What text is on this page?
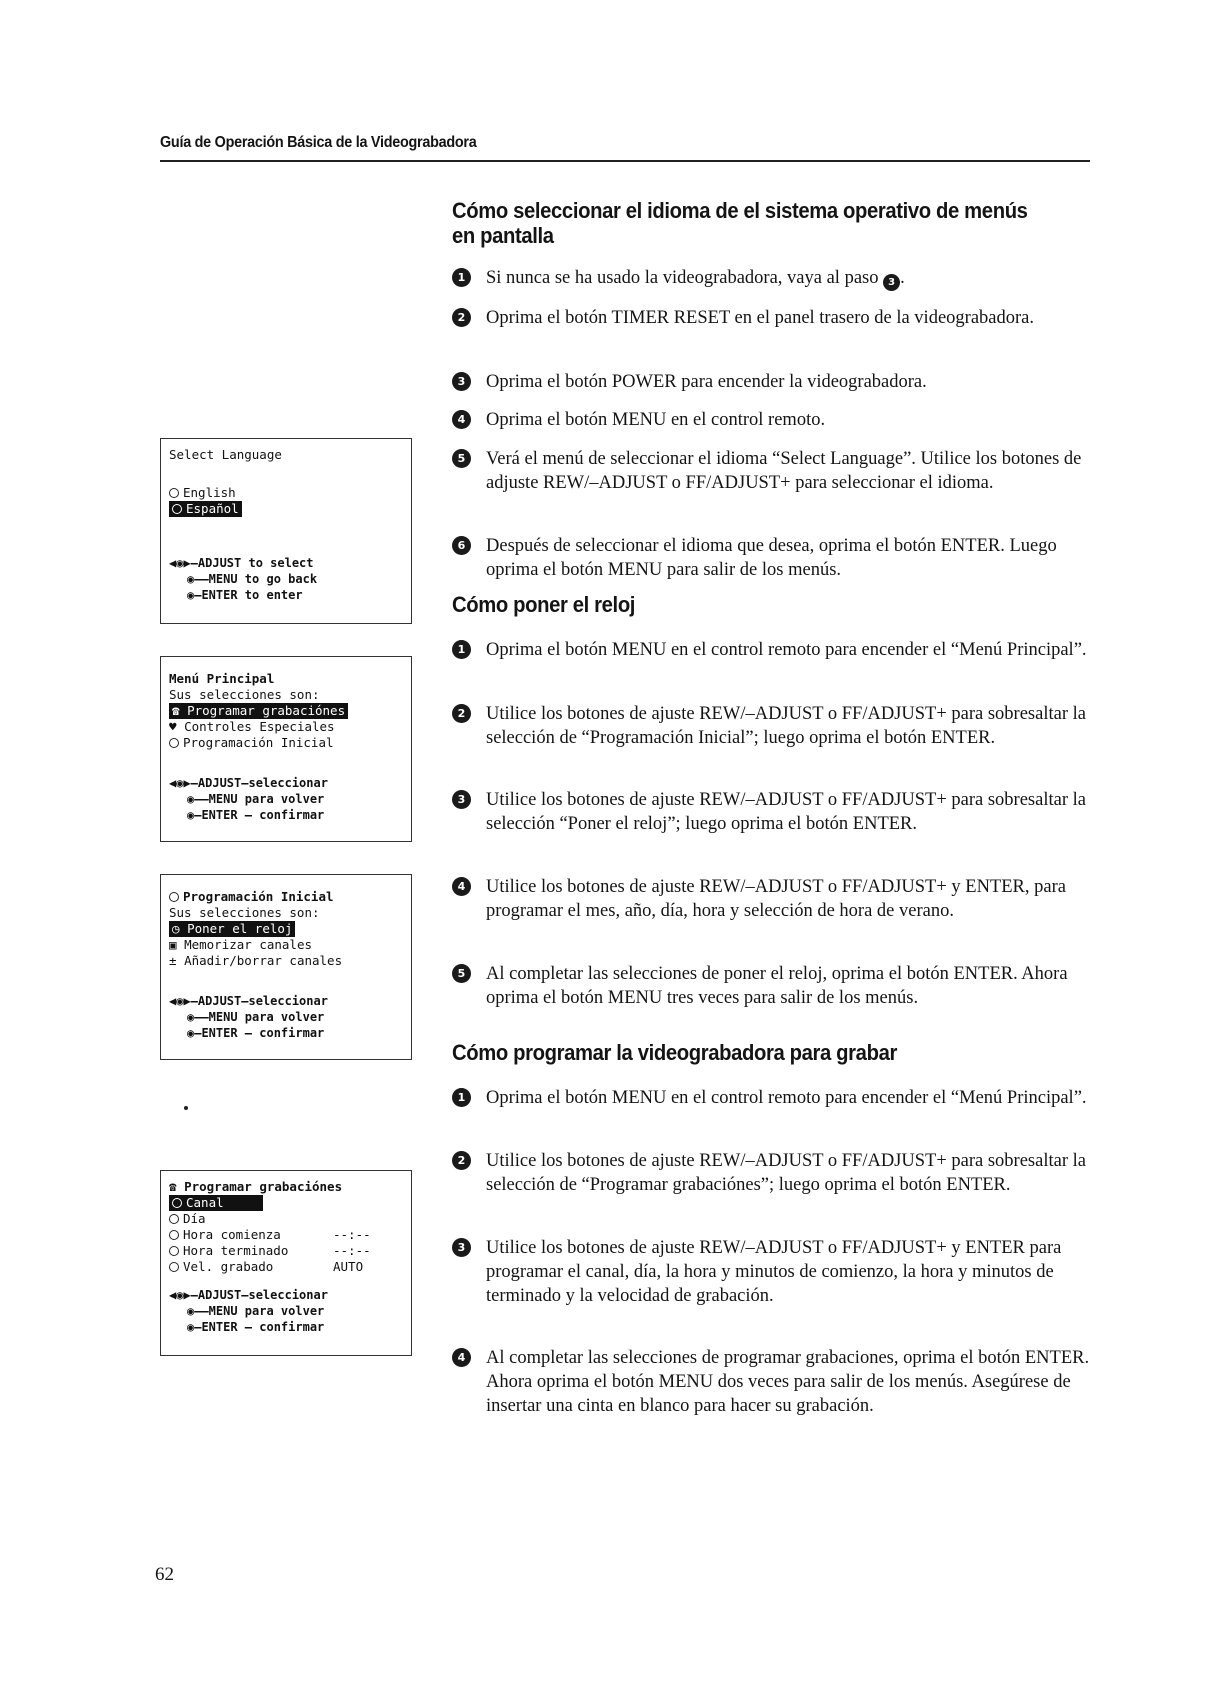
Guía de Operación Básica de la Videograbadora
Cómo seleccionar el idioma de el sistema operativo de menús en pantalla
1	Si nunca se ha usado la videograbadora, vaya al paso 3 .
2	Oprima el botón TIMER RESET en el panel trasero de la videograbadora.
3	Oprima el botón POWER para encender la videograbadora.
4	Oprima el botón MENU en el control remoto.
5	Verá el menú de seleccionar el idioma “Select Language”. Utilice los botones de adjuste REW/–ADJUST o FF/ADJUST+ para seleccionar el idioma.
6	Después de seleccionar el idioma que desea, oprima el botón ENTER. Luego oprima el botón MENU para salir de los menús.
Cómo poner el reloj
1	Oprima el botón MENU en el control remoto para encender el “Menú Principal”.
2	Utilice los botones de ajuste REW/–ADJUST o FF/ADJUST+ para sobresaltar la selección de “Programación Inicial”; luego oprima el botón ENTER.
3	Utilice los botones de ajuste REW/–ADJUST o FF/ADJUST+ para sobresaltar la selección “Poner el reloj”; luego oprima el botón ENTER.
4	Utilice los botones de ajuste REW/–ADJUST o FF/ADJUST+ y ENTER, para programar el mes, año, día, hora y selección de hora de verano.
5	Al completar las selecciones de poner el reloj, oprima el botón ENTER. Ahora oprima el botón MENU tres veces para salir de los menús.
Cómo programar la videograbadora para grabar
1	Oprima el botón MENU en el control remoto para encender el “Menú Principal”.
2	Utilice los botones de ajuste REW/–ADJUST o FF/ADJUST+ para sobresaltar la selección de “Programar grabaciónes”; luego oprima el botón ENTER.
3	Utilice los botones de ajuste REW/–ADJUST o FF/ADJUST+ y ENTER para programar el canal, día, la hora y minutos de comienzo, la hora y minutos de terminado y la velocidad de grabación.
4	Al completar las selecciones de programar grabaciones, oprima el botón ENTER. Ahora oprima el botón MENU dos veces para salir de los menús. Asegúrese de insertar una cinta en blanco para hacer su grabación.
Select Language
English
Español
◀◉▶–ADJUST to select
◉––MENU to go back
◉–ENTER to enter
Menú Principal
Sus selecciones son:
☎ Programar grabaciónes
♥ Controles Especiales
Programación Inicial
◀◉▶–ADJUST–seleccionar
◉––MENU para volver
◉–ENTER – confirmar
Programación Inicial
Sus selecciones son:
◷ Poner el reloj
▣ Memorizar canales
± Añadir/borrar canales
◀◉▶–ADJUST–seleccionar
◉––MENU para volver
◉–ENTER – confirmar
☎ Programar grabaciónes
Canal
Día
Hora comienza	--:--
Hora terminado	--:--
Vel. grabado	AUTO
◀◉▶–ADJUST–seleccionar
◉––MENU para volver
◉–ENTER – confirmar
62
